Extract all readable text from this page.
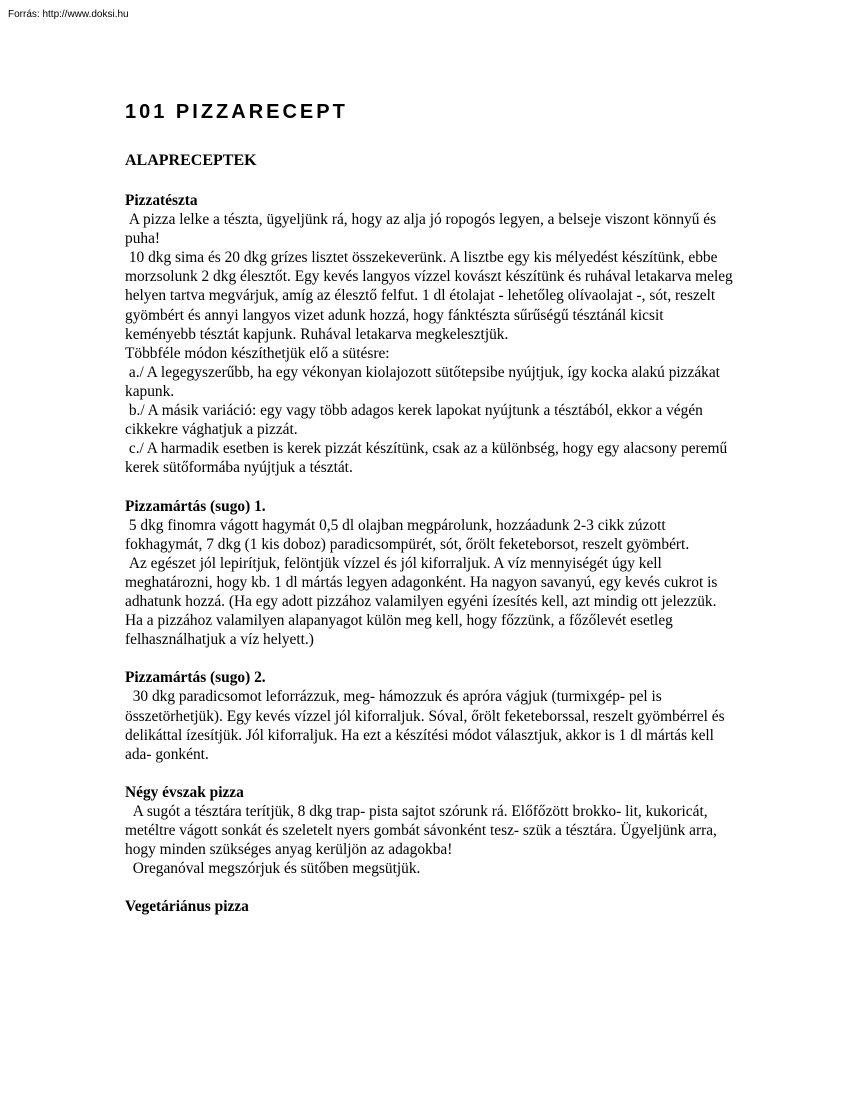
Forrás: http://www.doksi.hu
101 PIZZARECEPT
ALAPRECEPTEK
Pizzatészta

A pizza lelke a tészta, ügyeljünk rá, hogy az alja jó ropogós legyen, a belseje viszont könnyű és puha!

10 dkg sima és 20 dkg grízes lisztet összekeverünk. A lisztbe egy kis mélyedést készítünk, ebbe morzsolunk 2 dkg élesztőt. Egy kevés langyos vízzel kovászt készítünk és ruhával letakarva meleg helyen tartva megvárjuk, amíg az élesztő felfut. 1 dl étolajat - lehetőleg olívaolajat -, sót, reszelt gyömbért és annyi langyos vizet adunk hozzá, hogy fánktészta sűrűségű tésztánál kicsit keményebb tésztát kapjunk. Ruhával letakarva megkelesztjük.

Többféle módon készíthetjük elő a sütésre:

a./ A legegyszerűbb, ha egy vékonyan kiolajozott sütőtepsibe nyújtjuk, így kocka alakú pizzákat kapunk.

b./ A másik variáció: egy vagy több adagos kerek lapokat nyújtunk a tésztából, ekkor a végén cikkekre vághatjuk a pizzát.

c./ A harmadik esetben is kerek pizzát készítünk, csak az a különbség, hogy egy alacsony peremű kerek sütőformába nyújtjuk a tésztát.

Pizzamártás (sugo) 1.

5 dkg finomra vágott hagymát 0,5 dl olajban megpárolunk, hozzáadunk 2-3 cikk zúzott fokhagymát, 7 dkg (1 kis doboz) paradicsompürét, sót, őrölt feketeborsot, reszelt gyömbért.

Az egészet jól lepirítjuk, felöntjük vízzel és jól kiforraljuk. A víz mennyiségét úgy kell meghatározni, hogy kb. 1 dl mártás legyen adagonként. Ha nagyon savanyú, egy kevés cukrot is adhatunk hozzá. (Ha egy adott pizzához valamilyen egyéni ízesítés kell, azt mindig ott jelezzük. Ha a pizzához valamilyen alapanyagot külön meg kell, hogy főzzünk, a főzőlevét esetleg felhasználhatjuk a víz helyett.)

Pizzamártás (sugo) 2.

30 dkg paradicsomot leforrázzuk, meg- hámozzuk és apróra vágjuk (turmixgép- pel is összetörhetjük). Egy kevés vízzel jól kiforraljuk. Sóval, őrölt feketeborssal, reszelt gyömbérrel és delikáttal ízesítjük. Jól kiforraljuk. Ha ezt a készítési módot választjuk, akkor is 1 dl mártás kell ada- gonként.

Négy évszak pizza

A sugót a tésztára terítjük, 8 dkg trap- pista sajtot szórunk rá. Előfőzött brokko- lit, kukoricát, metéltre vágott sonkát és szeletelt nyers gombát sávonként tesz- szük a tésztára. Ügyeljünk arra, hogy minden szükséges anyag kerüljön az adagokba!

Oreganóval megszórjuk és sütőben megsütjük.

Vegetáriánus pizza
